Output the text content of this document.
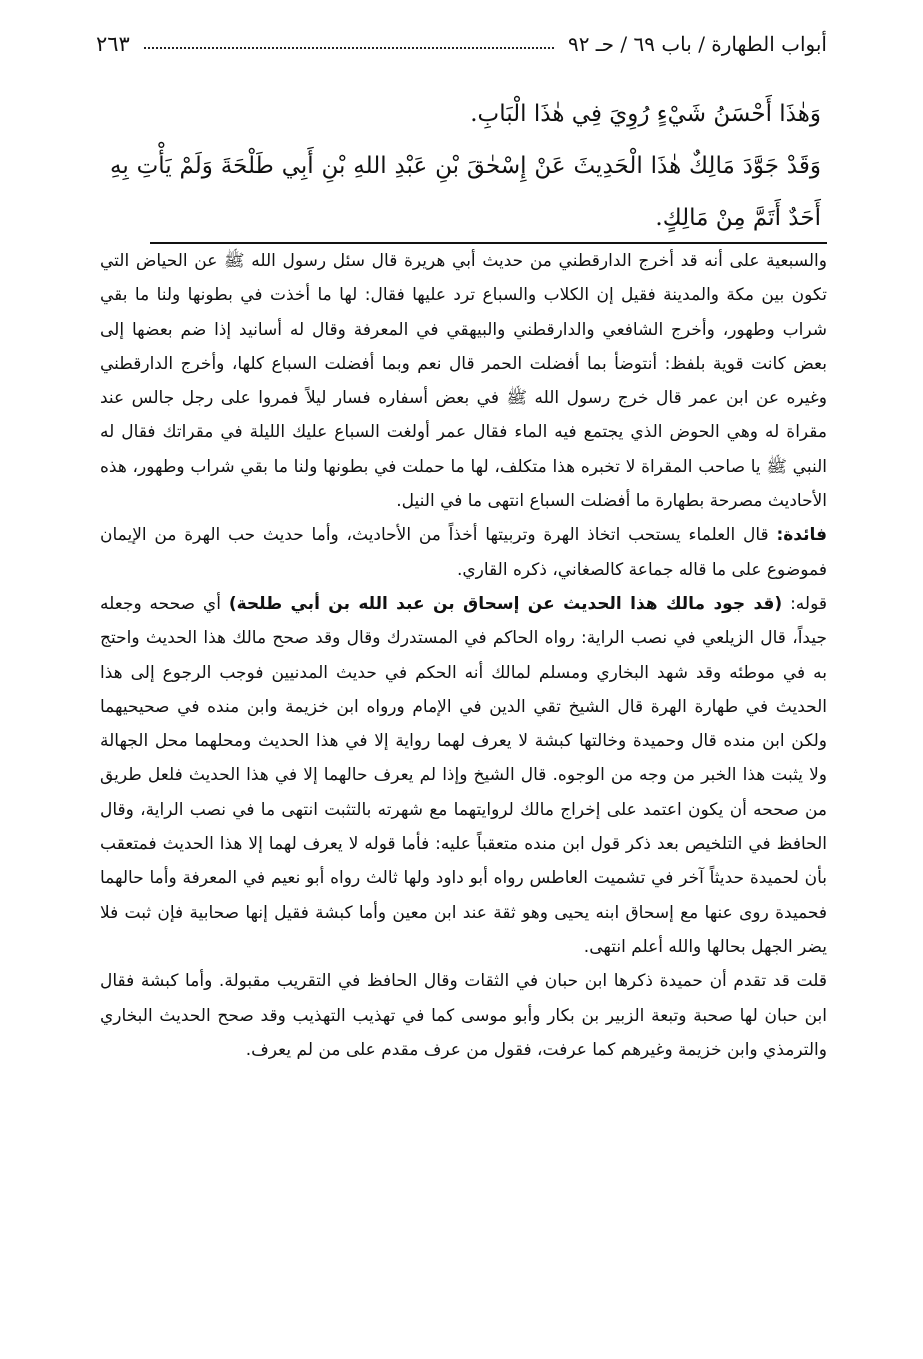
أبواب الطهارة / باب ٦٩ / حـ ٩٢
٢٦٣

وَهٰذَا أَحْسَنُ شَيْءٍ رُوِيَ فِي هٰذَا الْبَابِ.

وَقَدْ جَوَّدَ مَالِكٌ هٰذَا الْحَدِيثَ عَنْ إِسْحٰقَ بْنِ عَبْدِ اللهِ بْنِ أَبِي طَلْحَةَ وَلَمْ يَأْتِ بِهِ أَحَدٌ أَتَمَّ مِنْ مَالِكٍ.

والسبعية على أنه قد أخرج الدارقطني من حديث أبي هريرة قال سئل رسول الله ﷺ عن الحياض التي تكون بين مكة والمدينة فقيل إن الكلاب والسباع ترد عليها فقال: لها ما أخذت في بطونها ولنا ما بقي شراب وطهور، وأخرج الشافعي والدارقطني والبيهقي في المعرفة وقال له أسانيد إذا ضم بعضها إلى بعض كانت قوية بلفظ: أنتوضأ بما أفضلت الحمر قال نعم وبما أفضلت السباع كلها، وأخرج الدارقطني وغيره عن ابن عمر قال خرج رسول الله ﷺ في بعض أسفاره فسار ليلاً فمروا على رجل جالس عند مقراة له وهي الحوض الذي يجتمع فيه الماء فقال عمر أولغت السباع عليك الليلة في مقراتك فقال له النبي ﷺ يا صاحب المقراة لا تخبره هذا متكلف، لها ما حملت في بطونها ولنا ما بقي شراب وطهور، هذه الأحاديث مصرحة بطهارة ما أفضلت السباع انتهى ما في النيل.

فائدة: قال العلماء يستحب اتخاذ الهرة وتربيتها أخذاً من الأحاديث، وأما حديث حب الهرة من الإيمان فموضوع على ما قاله جماعة كالصغاني، ذكره القاري.

قوله: (قد جود مالك هذا الحديث عن إسحاق بن عبد الله بن أبي طلحة) أي صححه وجعله جيداً، قال الزيلعي في نصب الراية: رواه الحاكم في المستدرك وقال وقد صحح مالك هذا الحديث واحتج به في موطئه وقد شهد البخاري ومسلم لمالك أنه الحكم في حديث المدنيين فوجب الرجوع إلى هذا الحديث في طهارة الهرة قال الشيخ تقي الدين في الإمام ورواه ابن خزيمة وابن منده في صحيحيهما ولكن ابن منده قال وحميدة وخالتها كبشة لا يعرف لهما رواية إلا في هذا الحديث ومحلهما محل الجهالة ولا يثبت هذا الخبر من وجه من الوجوه. قال الشيخ وإذا لم يعرف حالهما إلا في هذا الحديث فلعل طريق من صححه أن يكون اعتمد على إخراج مالك لروايتهما مع شهرته بالتثبت انتهى ما في نصب الراية، وقال الحافظ في التلخيص بعد ذكر قول ابن منده متعقباً عليه: فأما قوله لا يعرف لهما إلا هذا الحديث فمتعقب بأن لحميدة حديثاً آخر في تشميت العاطس رواه أبو داود ولها ثالث رواه أبو نعيم في المعرفة وأما حالهما فحميدة روى عنها مع إسحاق ابنه يحيى وهو ثقة عند ابن معين وأما كبشة فقيل إنها صحابية فإن ثبت فلا يضر الجهل بحالها والله أعلم انتهى.

قلت قد تقدم أن حميدة ذكرها ابن حبان في الثقات وقال الحافظ في التقريب مقبولة. وأما كبشة فقال ابن حبان لها صحبة وتبعة الزبير بن بكار وأبو موسى كما في تهذيب التهذيب وقد صحح الحديث البخاري والترمذي وابن خزيمة وغيرهم كما عرفت، فقول من عرف مقدم على من لم يعرف.
